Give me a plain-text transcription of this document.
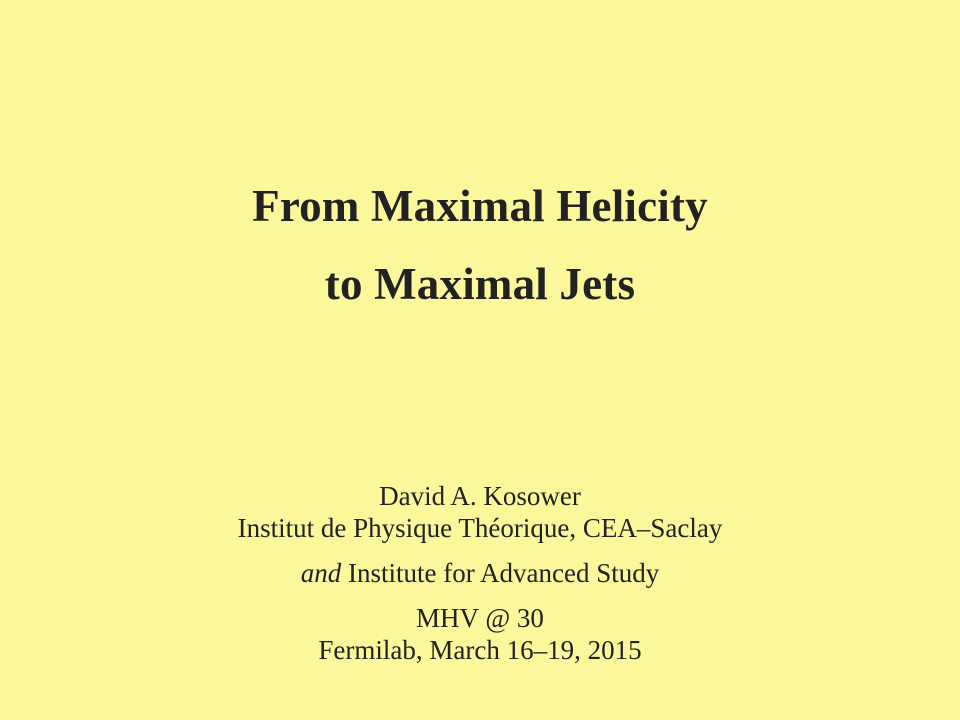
From Maximal Helicity
to Maximal Jets
David A. Kosower
Institut de Physique Théorique, CEA–Saclay
and Institute for Advanced Study
MHV @ 30
Fermilab, March 16–19, 2015
